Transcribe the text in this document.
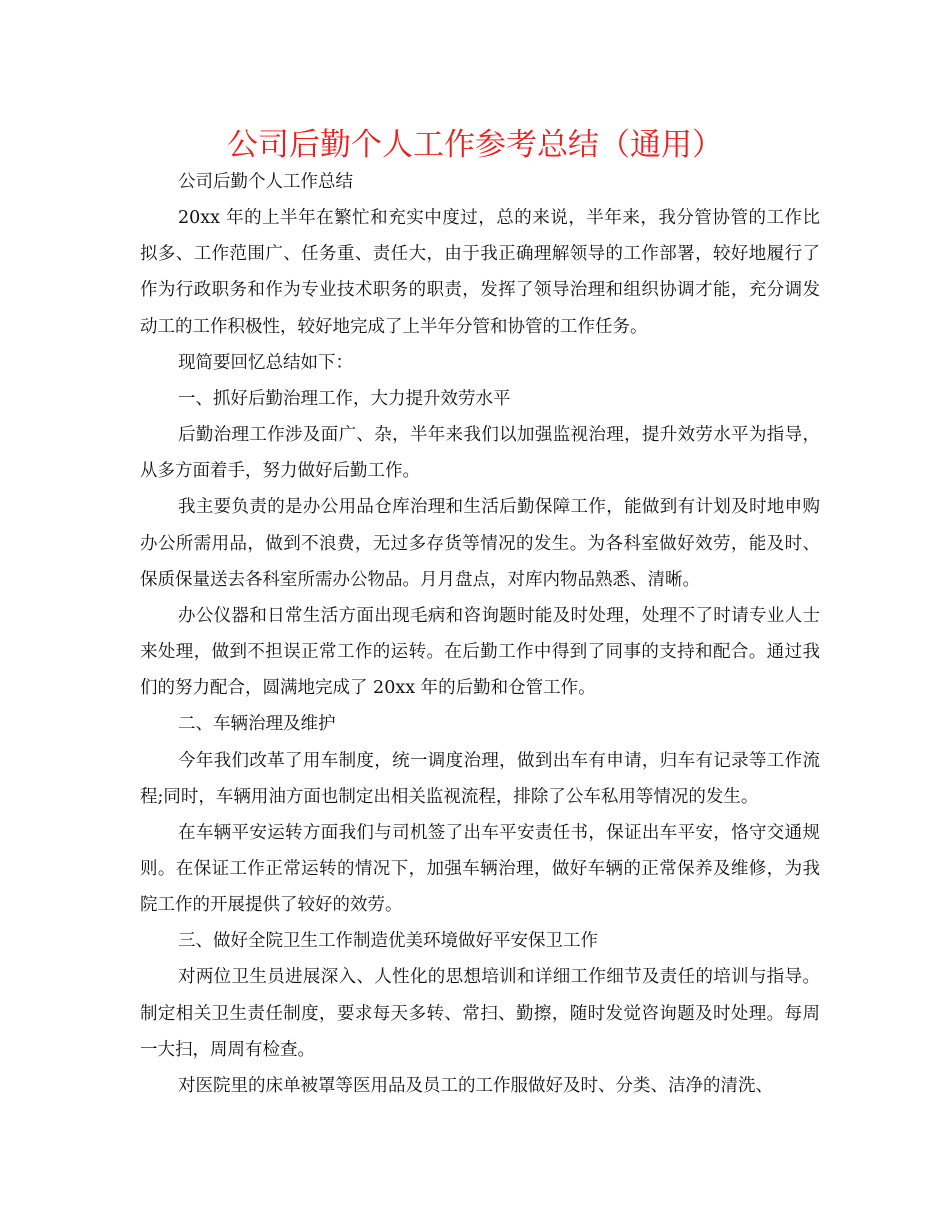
公司后勤个人工作参考总结（通用）

公司后勤个人工作总结

20xx 年的上半年在繁忙和充实中度过，总的来说，半年来，我分管协管的工作比拟多、工作范围广、任务重、责任大，由于我正确理解领导的工作部署，较好地履行了作为行政职务和作为专业技术职务的职责，发挥了领导治理和组织协调才能，充分调发动工的工作积极性，较好地完成了上半年分管和协管的工作任务。

现简要回忆总结如下：

一、抓好后勤治理工作，大力提升效劳水平

后勤治理工作涉及面广、杂，半年来我们以加强监视治理，提升效劳水平为指导，从多方面着手，努力做好后勤工作。

我主要负责的是办公用品仓库治理和生活后勤保障工作，能做到有计划及时地申购办公所需用品，做到不浪费，无过多存货等情况的发生。为各科室做好效劳，能及时、保质保量送去各科室所需办公物品。月月盘点，对库内物品熟悉、清晰。

办公仪器和日常生活方面出现毛病和咨询题时能及时处理，处理不了时请专业人士来处理，做到不担误正常工作的运转。在后勤工作中得到了同事的支持和配合。通过我们的努力配合，圆满地完成了 20xx 年的后勤和仓管工作。

二、车辆治理及维护

今年我们改革了用车制度，统一调度治理，做到出车有申请，归车有记录等工作流程;同时，车辆用油方面也制定出相关监视流程，排除了公车私用等情况的发生。

在车辆平安运转方面我们与司机签了出车平安责任书，保证出车平安，恪守交通规则。在保证工作正常运转的情况下，加强车辆治理，做好车辆的正常保养及维修，为我院工作的开展提供了较好的效劳。

三、做好全院卫生工作制造优美环境做好平安保卫工作

对两位卫生员进展深入、人性化的思想培训和详细工作细节及责任的培训与指导。制定相关卫生责任制度，要求每天多转、常扫、勤擦，随时发觉咨询题及时处理。每周一大扫，周周有检查。

对医院里的床单被罩等医用品及员工的工作服做好及时、分类、洁净的清洗、
